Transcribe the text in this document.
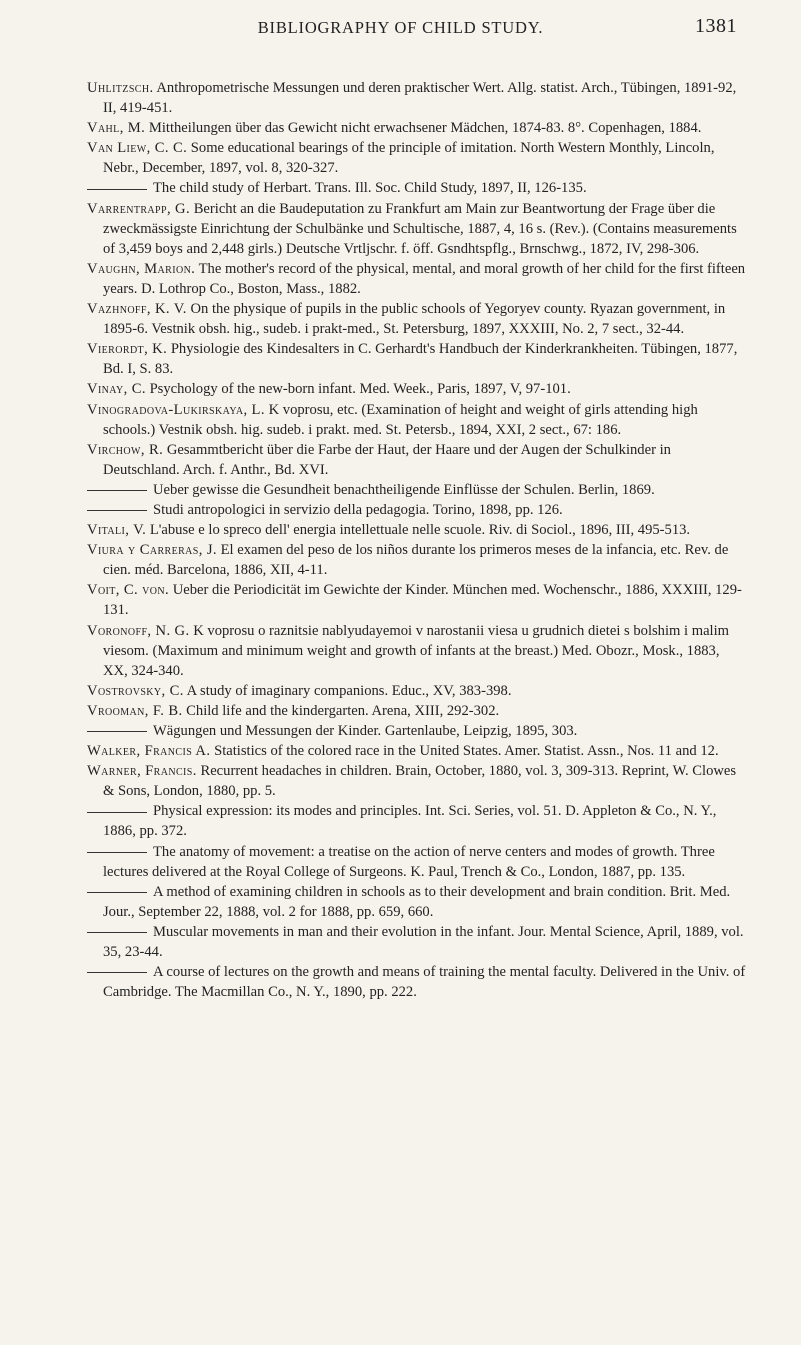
BIBLIOGRAPHY OF CHILD STUDY.	1381

Uhlitzsch. Anthropometrische Messungen und deren praktischer Wert. Allg. statist. Arch., Tübingen, 1891-92, II, 419-451.

Vahl, M. Mittheilungen über das Gewicht nicht erwachsener Mädchen, 1874-83. 8°. Copenhagen, 1884.

Van Liew, C. C. Some educational bearings of the principle of imitation. North Western Monthly, Lincoln, Nebr., December, 1897, vol. 8, 320-327.

The child study of Herbart. Trans. Ill. Soc. Child Study, 1897, II, 126-135.

Varrentrapp, G. Bericht an die Baudeputation zu Frankfurt am Main zur Beantwortung der Frage über die zweckmässigste Einrichtung der Schulbänke und Schultische, 1887, 4, 16 s. (Rev.). (Contains measurements of 3,459 boys and 2,448 girls.) Deutsche Vrtljschr. f. öff. Gsndhtspflg., Brnschwg., 1872, IV, 298-306.

Vaughn, Marion. The mother's record of the physical, mental, and moral growth of her child for the first fifteen years. D. Lothrop Co., Boston, Mass., 1882.

Vazhnoff, K. V. On the physique of pupils in the public schools of Yegoryev county. Ryazan government, in 1895-6. Vestnik obsh. hig., sudeb. i prakt-med., St. Petersburg, 1897, XXXIII, No. 2, 7 sect., 32-44.

Vierordt, K. Physiologie des Kindesalters in C. Gerhardt's Handbuch der Kinderkrankheiten. Tübingen, 1877, Bd. I, S. 83.

Vinay, C. Psychology of the new-born infant. Med. Week., Paris, 1897, V, 97-101.

Vinogradova-Lukirskaya, L. K voprosu, etc. (Examination of height and weight of girls attending high schools.) Vestnik obsh. hig. sudeb. i prakt. med. St. Petersb., 1894, XXI, 2 sect., 67: 186.

Virchow, R. Gesammtbericht über die Farbe der Haut, der Haare und der Augen der Schulkinder in Deutschland. Arch. f. Anthr., Bd. XVI.

Ueber gewisse die Gesundheit benachtheiligende Einflüsse der Schulen. Berlin, 1869.

Studi antropologici in servizio della pedagogia. Torino, 1898, pp. 126.

Vitali, V. L'abuse e lo spreco dell' energia intellettuale nelle scuole. Riv. di Sociol., 1896, III, 495-513.

Viura y Carreras, J. El examen del peso de los niños durante los primeros meses de la infancia, etc. Rev. de cien. méd. Barcelona, 1886, XII, 4-11.

Voit, C. von. Ueber die Periodicität im Gewichte der Kinder. München med. Wochenschr., 1886, XXXIII, 129-131.

Voronoff, N. G. K voprosu o raznitsie nablyudayemoi v narostanii viesa u grudnich dietei s bolshim i malim viesom. (Maximum and minimum weight and growth of infants at the breast.) Med. Obozr., Mosk., 1883, XX, 324-340.

Vostrovsky, C. A study of imaginary companions. Educ., XV, 383-398.

Vrooman, F. B. Child life and the kindergarten. Arena, XIII, 292-302.

Wägungen und Messungen der Kinder. Gartenlaube, Leipzig, 1895, 303.

Walker, Francis A. Statistics of the colored race in the United States. Amer. Statist. Assn., Nos. 11 and 12.

Warner, Francis. Recurrent headaches in children. Brain, October, 1880, vol. 3, 309-313. Reprint, W. Clowes & Sons, London, 1880, pp. 5.

Physical expression: its modes and principles. Int. Sci. Series, vol. 51. D. Appleton & Co., N. Y., 1886, pp. 372.

The anatomy of movement: a treatise on the action of nerve centers and modes of growth. Three lectures delivered at the Royal College of Surgeons. K. Paul, Trench & Co., London, 1887, pp. 135.

A method of examining children in schools as to their development and brain condition. Brit. Med. Jour., September 22, 1888, vol. 2 for 1888, pp. 659, 660.

Muscular movements in man and their evolution in the infant. Jour. Mental Science, April, 1889, vol. 35, 23-44.

A course of lectures on the growth and means of training the mental faculty. Delivered in the Univ. of Cambridge. The Macmillan Co., N. Y., 1890, pp. 222.
